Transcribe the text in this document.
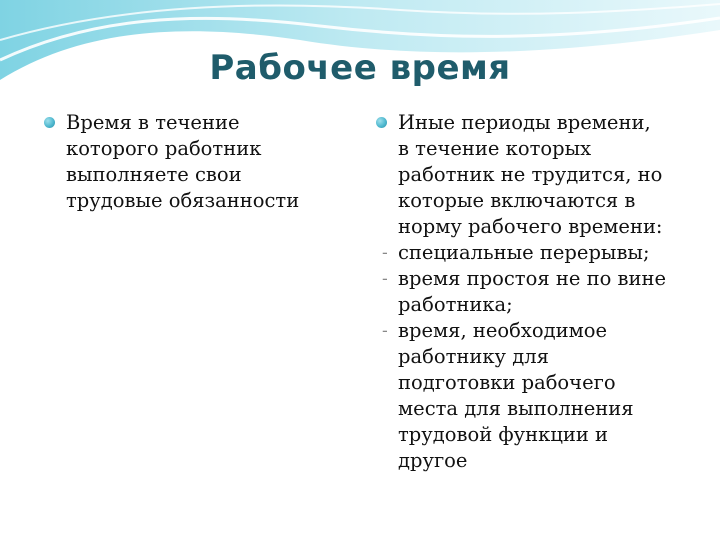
Рабочее время
Время в течение
которого работник
выполняете свои
трудовые обязанности
Иные периоды времени,
в течение которых
работник не трудится, но
которые включаются в
норму рабочего времени:
- специальные перерывы;
- время простоя не по вине
работника;
- время, необходимое
работнику для
подготовки рабочего
места для выполнения
трудовой функции и
другое
